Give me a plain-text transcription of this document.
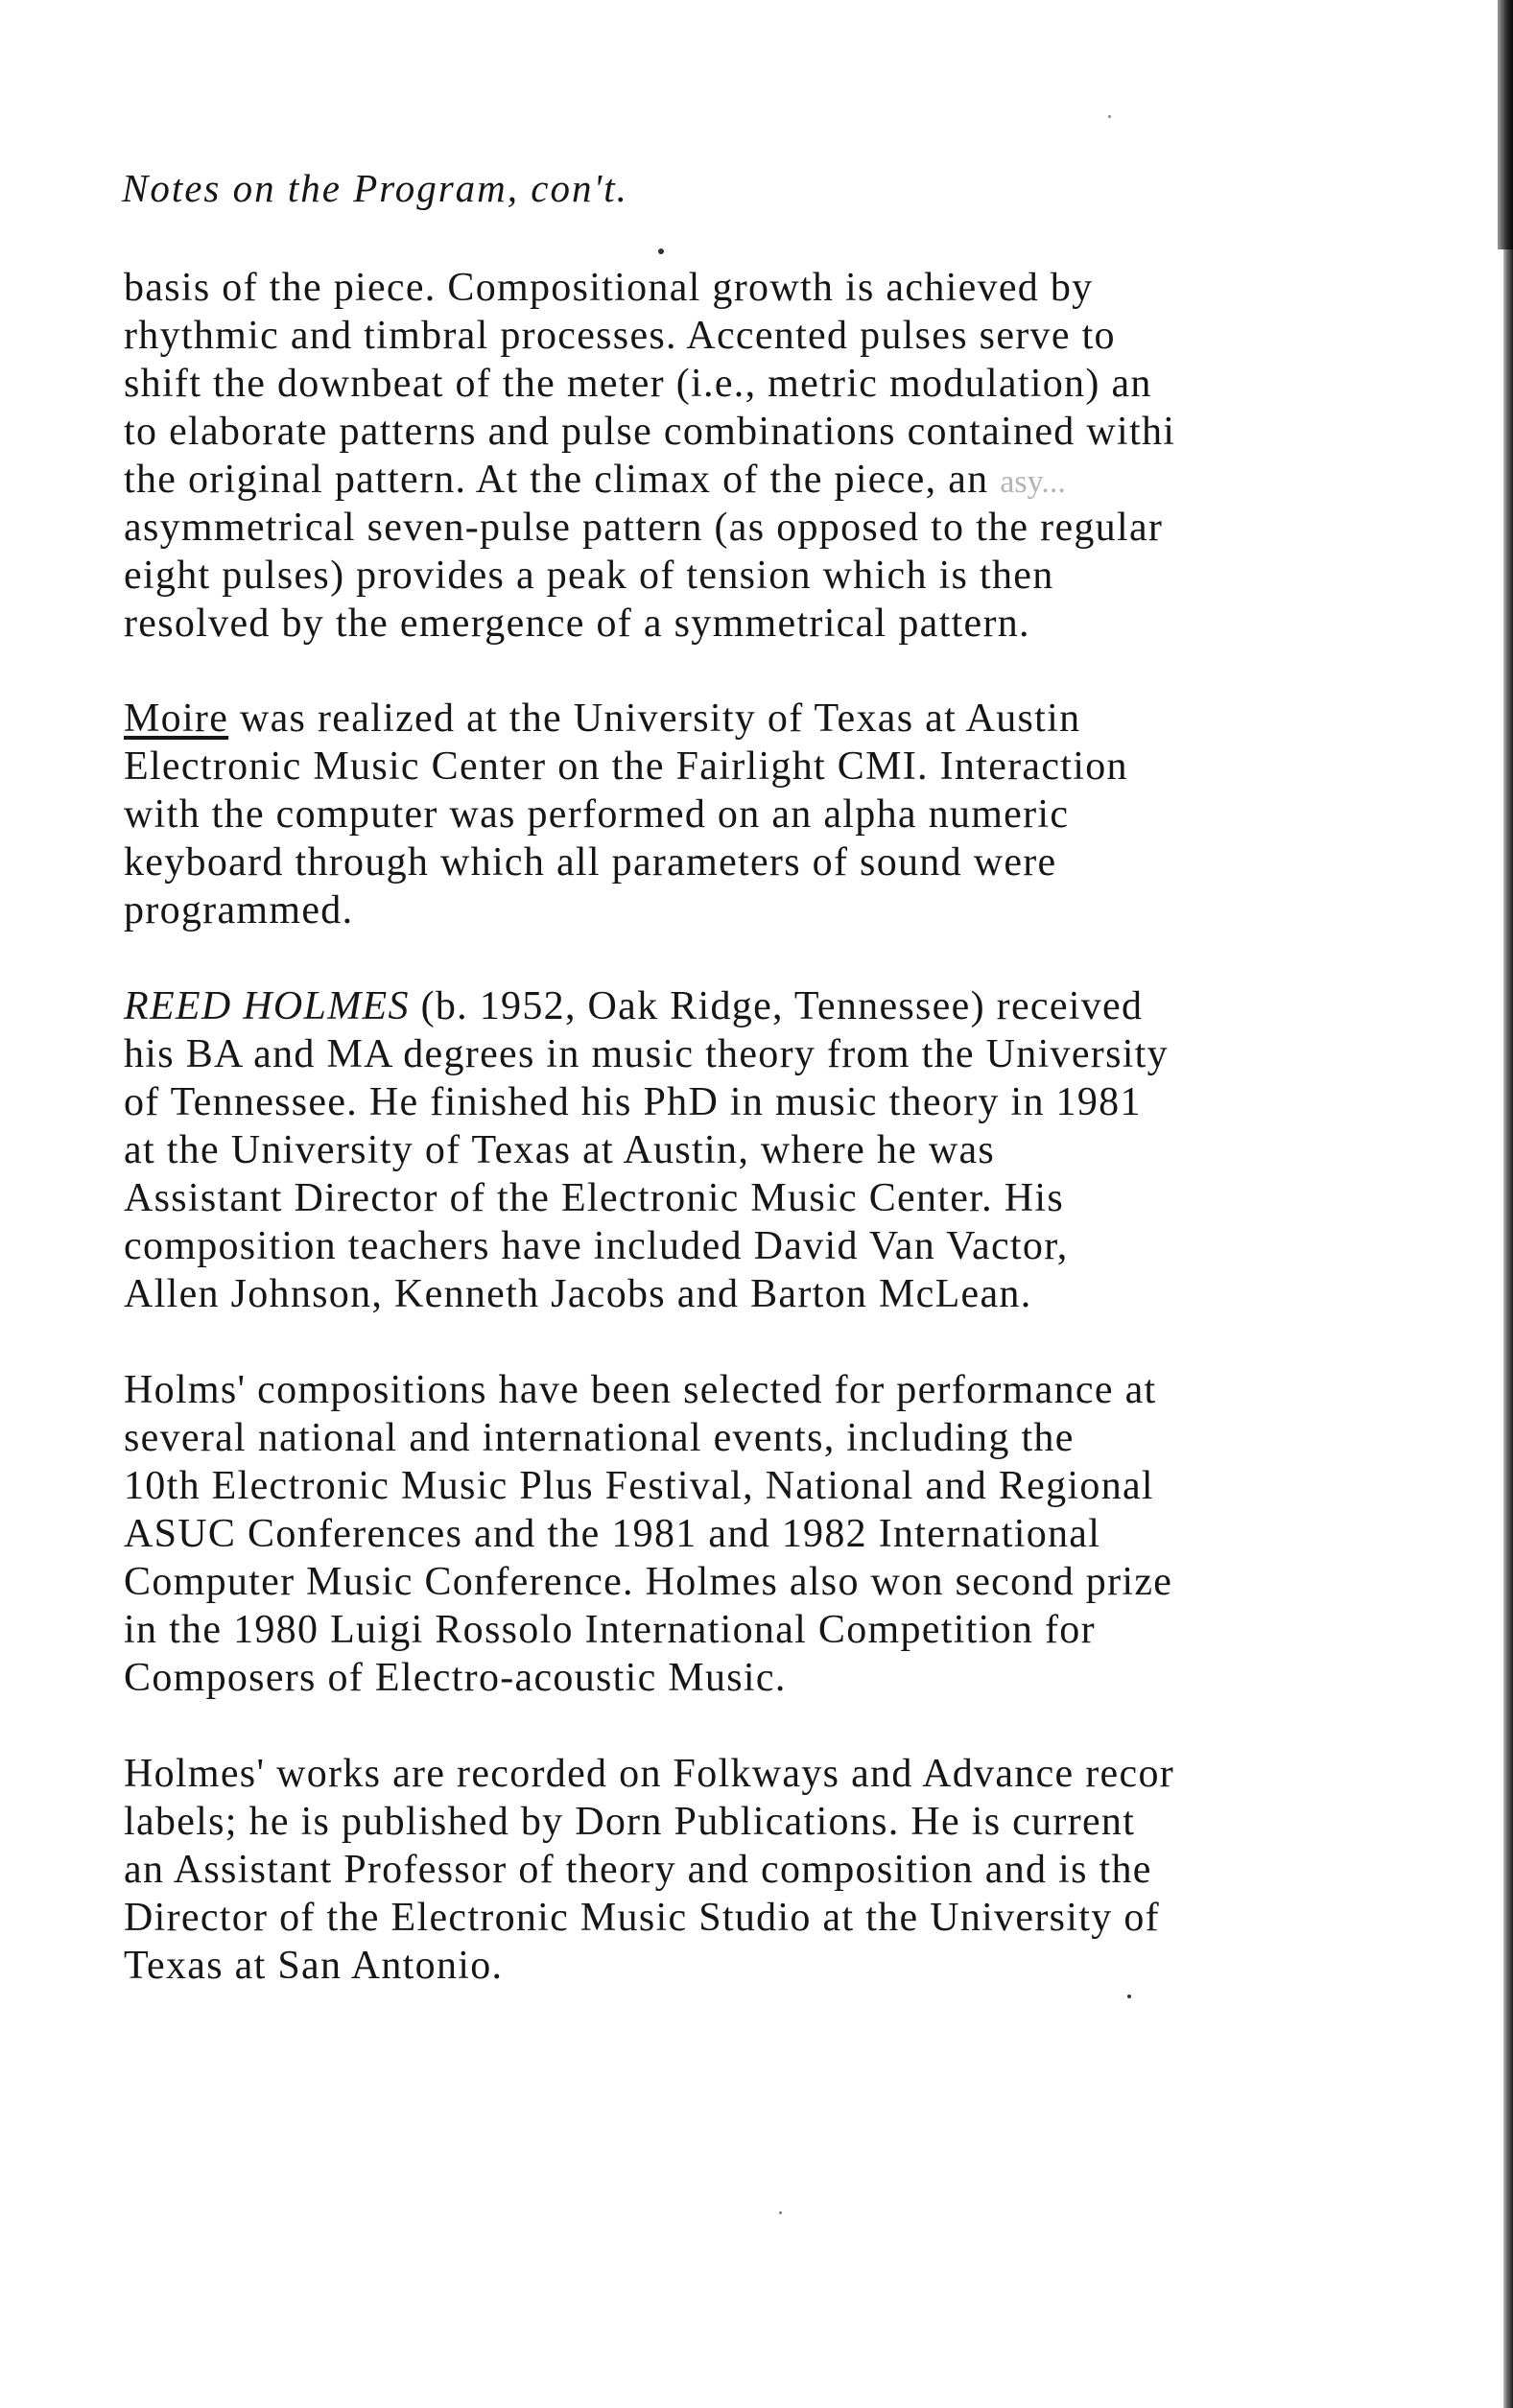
Notes on the Program, con't.

basis of the piece. Compositional growth is achieved by
rhythmic and timbral processes. Accented pulses serve to
shift the downbeat of the meter (i.e., metric modulation) an
to elaborate patterns and pulse combinations contained withi
the original pattern. At the climax of the piece, an asy...
asymmetrical seven-pulse pattern (as opposed to the regular
eight pulses) provides a peak of tension which is then
resolved by the emergence of a symmetrical pattern.

Moire was realized at the University of Texas at Austin
Electronic Music Center on the Fairlight CMI. Interaction
with the computer was performed on an alpha numeric
keyboard through which all parameters of sound were
programmed.

REED HOLMES (b. 1952, Oak Ridge, Tennessee) received
his BA and MA degrees in music theory from the University
of Tennessee. He finished his PhD in music theory in 1981
at the University of Texas at Austin, where he was
Assistant Director of the Electronic Music Center. His
composition teachers have included David Van Vactor,
Allen Johnson, Kenneth Jacobs and Barton McLean.

Holms' compositions have been selected for performance at
several national and international events, including the
10th Electronic Music Plus Festival, National and Regional
ASUC Conferences and the 1981 and 1982 International
Computer Music Conference. Holmes also won second prize
in the 1980 Luigi Rossolo International Competition for
Composers of Electro-acoustic Music.

Holmes' works are recorded on Folkways and Advance recor
labels; he is published by Dorn Publications. He is current
an Assistant Professor of theory and composition and is the
Director of the Electronic Music Studio at the University of
Texas at San Antonio.
